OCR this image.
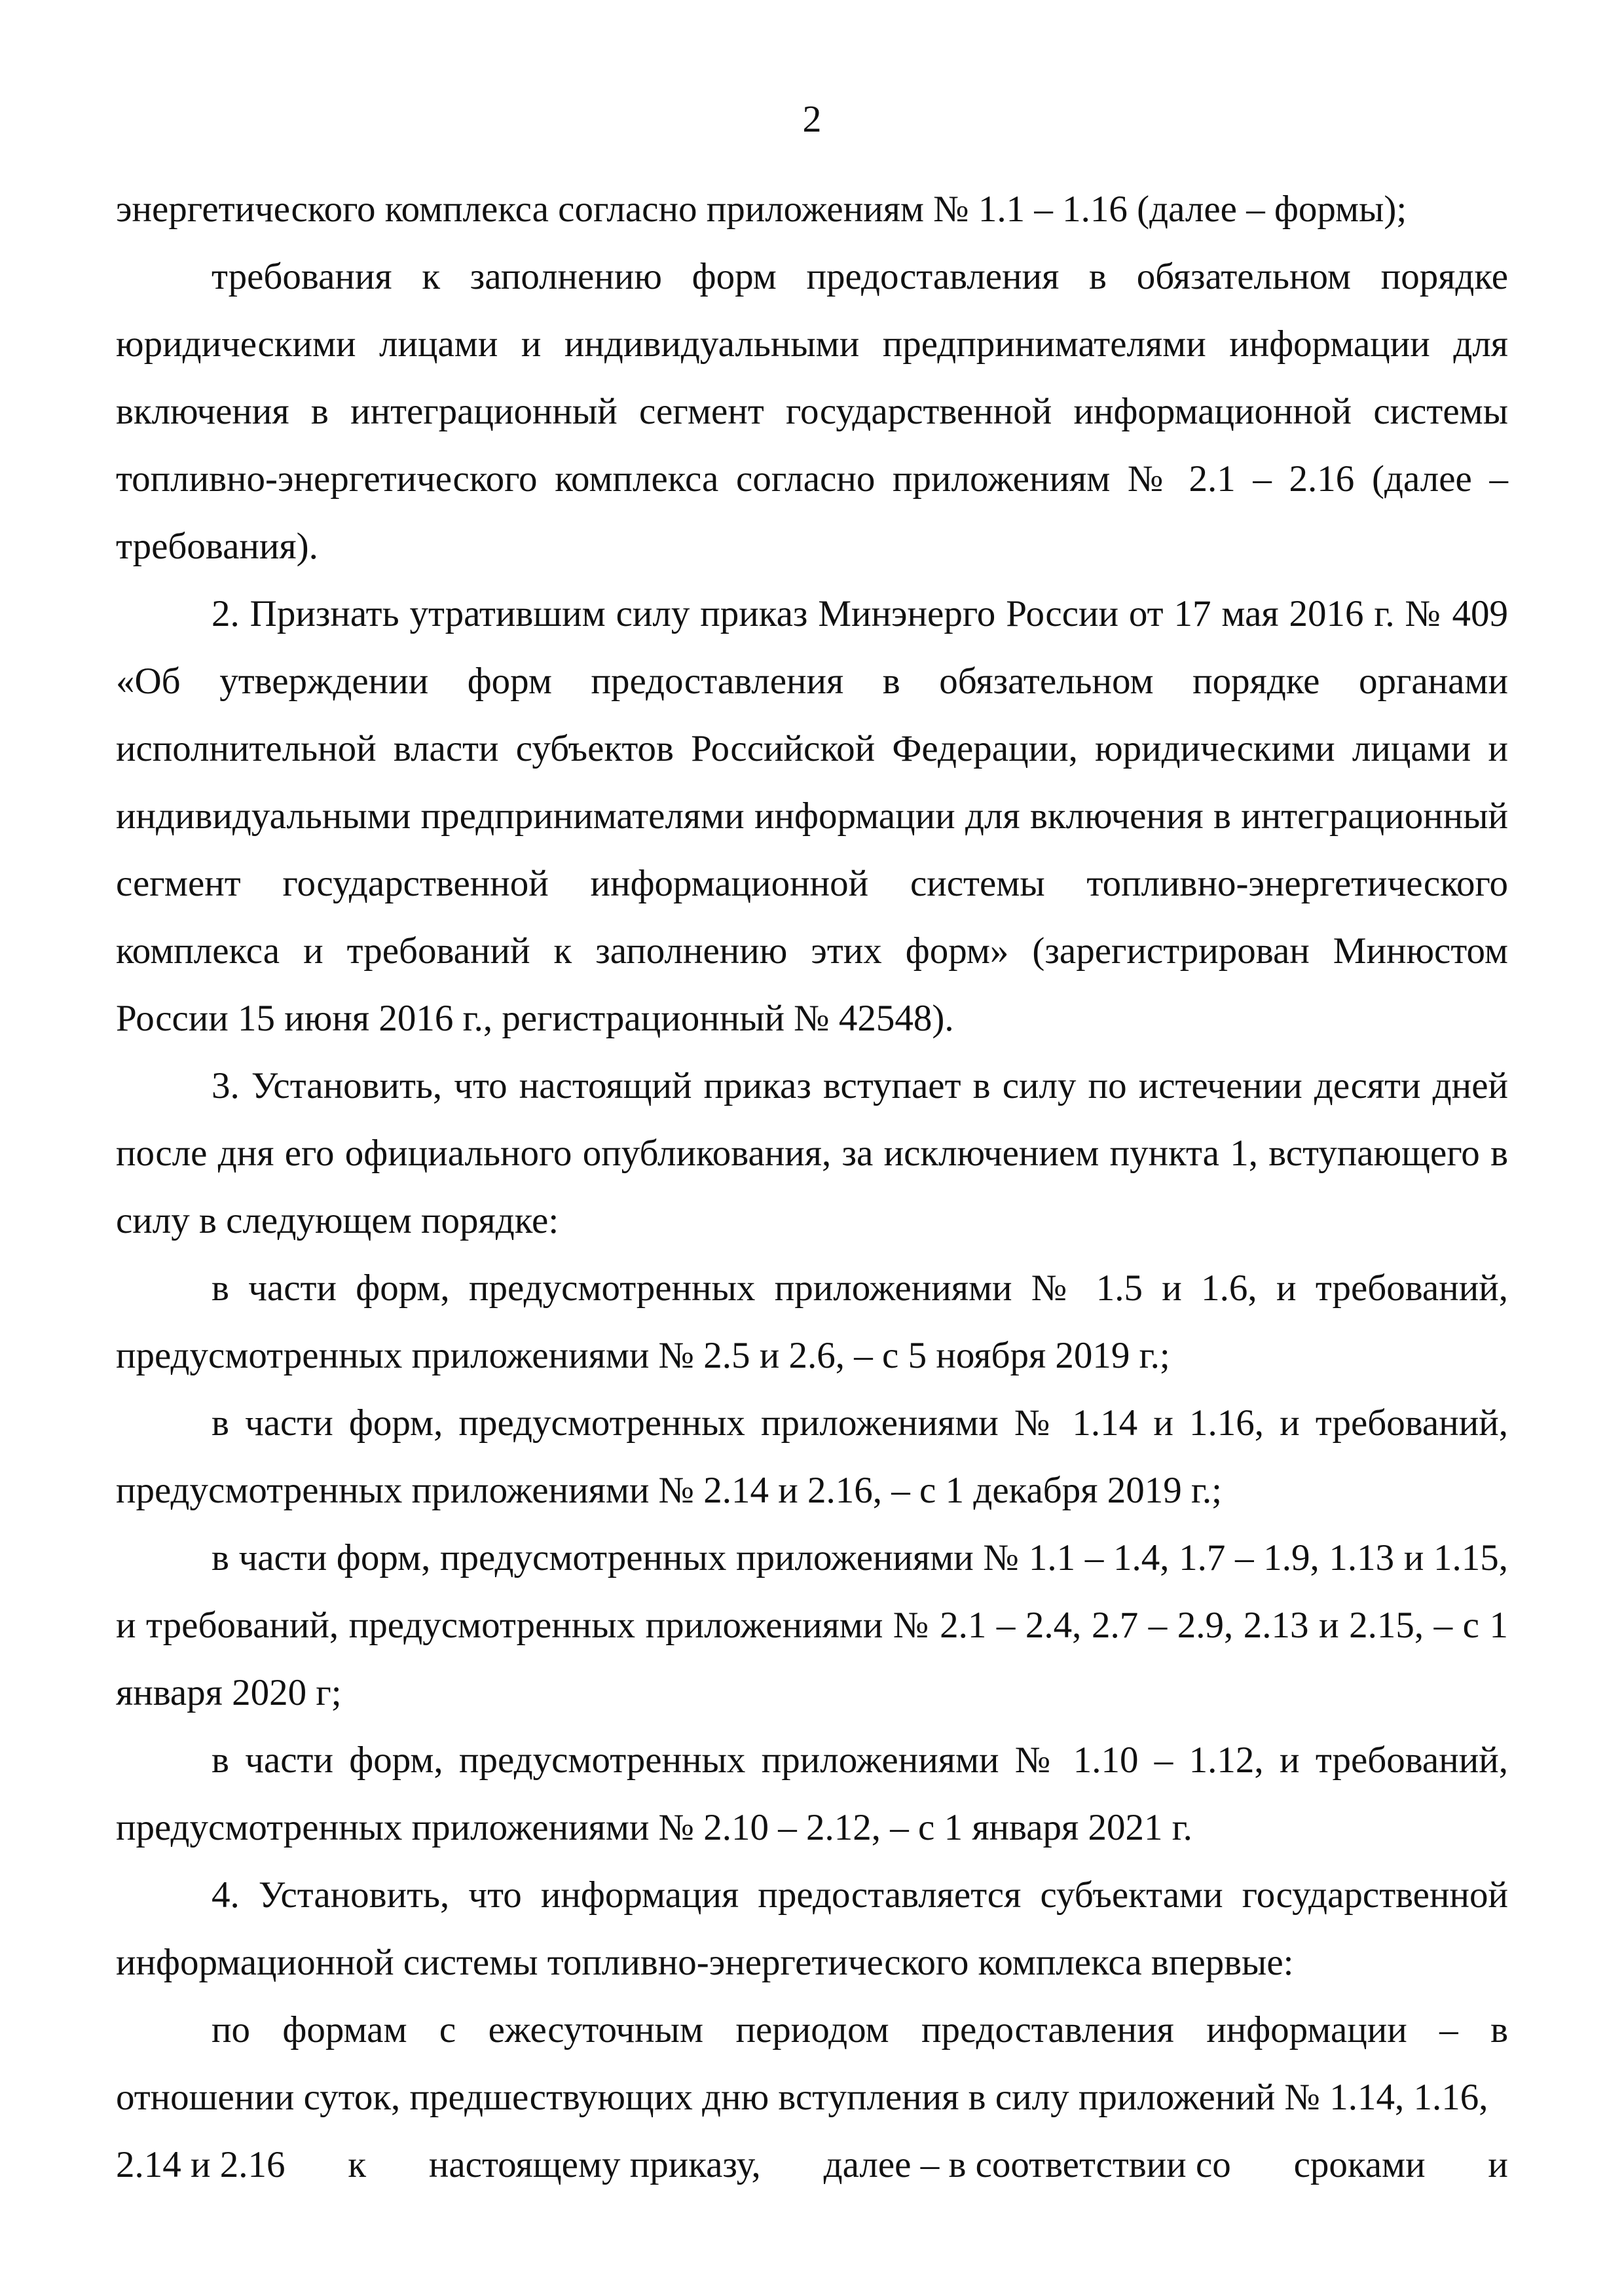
2

энергетического комплекса согласно приложениям № 1.1 – 1.16 (далее – формы);

требования к заполнению форм предоставления в обязательном порядке юридическими лицами и индивидуальными предпринимателями информации для включения в интеграционный сегмент государственной информационной системы топливно-энергетического комплекса согласно приложениям № 2.1 – 2.16 (далее – требования).

2. Признать утратившим силу приказ Минэнерго России от 17 мая 2016 г. № 409 «Об утверждении форм предоставления в обязательном порядке органами исполнительной власти субъектов Российской Федерации, юридическими лицами и индивидуальными предпринимателями информации для включения в интеграционный сегмент государственной информационной системы топливно-энергетического комплекса и требований к заполнению этих форм» (зарегистрирован Минюстом России 15 июня 2016 г., регистрационный № 42548).

3. Установить, что настоящий приказ вступает в силу по истечении десяти дней после дня его официального опубликования, за исключением пункта 1, вступающего в силу в следующем порядке:

в части форм, предусмотренных приложениями № 1.5 и 1.6, и требований, предусмотренных приложениями № 2.5 и 2.6, – с 5 ноября 2019 г.;

в части форм, предусмотренных приложениями № 1.14 и 1.16, и требований, предусмотренных приложениями № 2.14 и 2.16, – с 1 декабря 2019 г.;

в части форм, предусмотренных приложениями № 1.1 – 1.4, 1.7 – 1.9, 1.13 и 1.15, и требований, предусмотренных приложениями № 2.1 – 2.4, 2.7 – 2.9, 2.13 и 2.15, – с 1 января 2020 г;

в части форм, предусмотренных приложениями № 1.10 – 1.12, и требований, предусмотренных приложениями № 2.10 – 2.12, – с 1 января 2021 г.

4. Установить, что информация предоставляется субъектами государственной информационной системы топливно-энергетического комплекса впервые:

по формам с ежесуточным периодом предоставления информации – в отношении суток, предшествующих дню вступления в силу приложений № 1.14, 1.16,

2.14 и 2.16 к настоящему приказу, далее – в соответствии со сроками и
